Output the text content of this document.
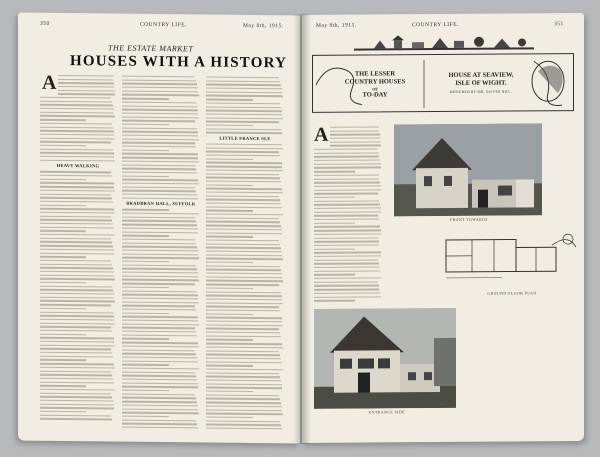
350	COUNTRY LIFE.	May 8th, 1915.
THE ESTATE MARKET
HOUSES WITH A HISTORY
A
HEAVY WALKING
BRADBRAN HALL, SUFFOLK
LITTLE FRANCE SLE
May 8th, 1915.	COUNTRY LIFE.	351
THE LESSER
COUNTRY HOUSES
OF
TO-DAY
HOUSE AT SEAVIEW,
ISLE OF WIGHT.
DESIGNED BY MR. OLIVER HILL.
A
FRONT TOWARDS
GROUND-FLOOR PLAN
ENTRANCE SIDE
